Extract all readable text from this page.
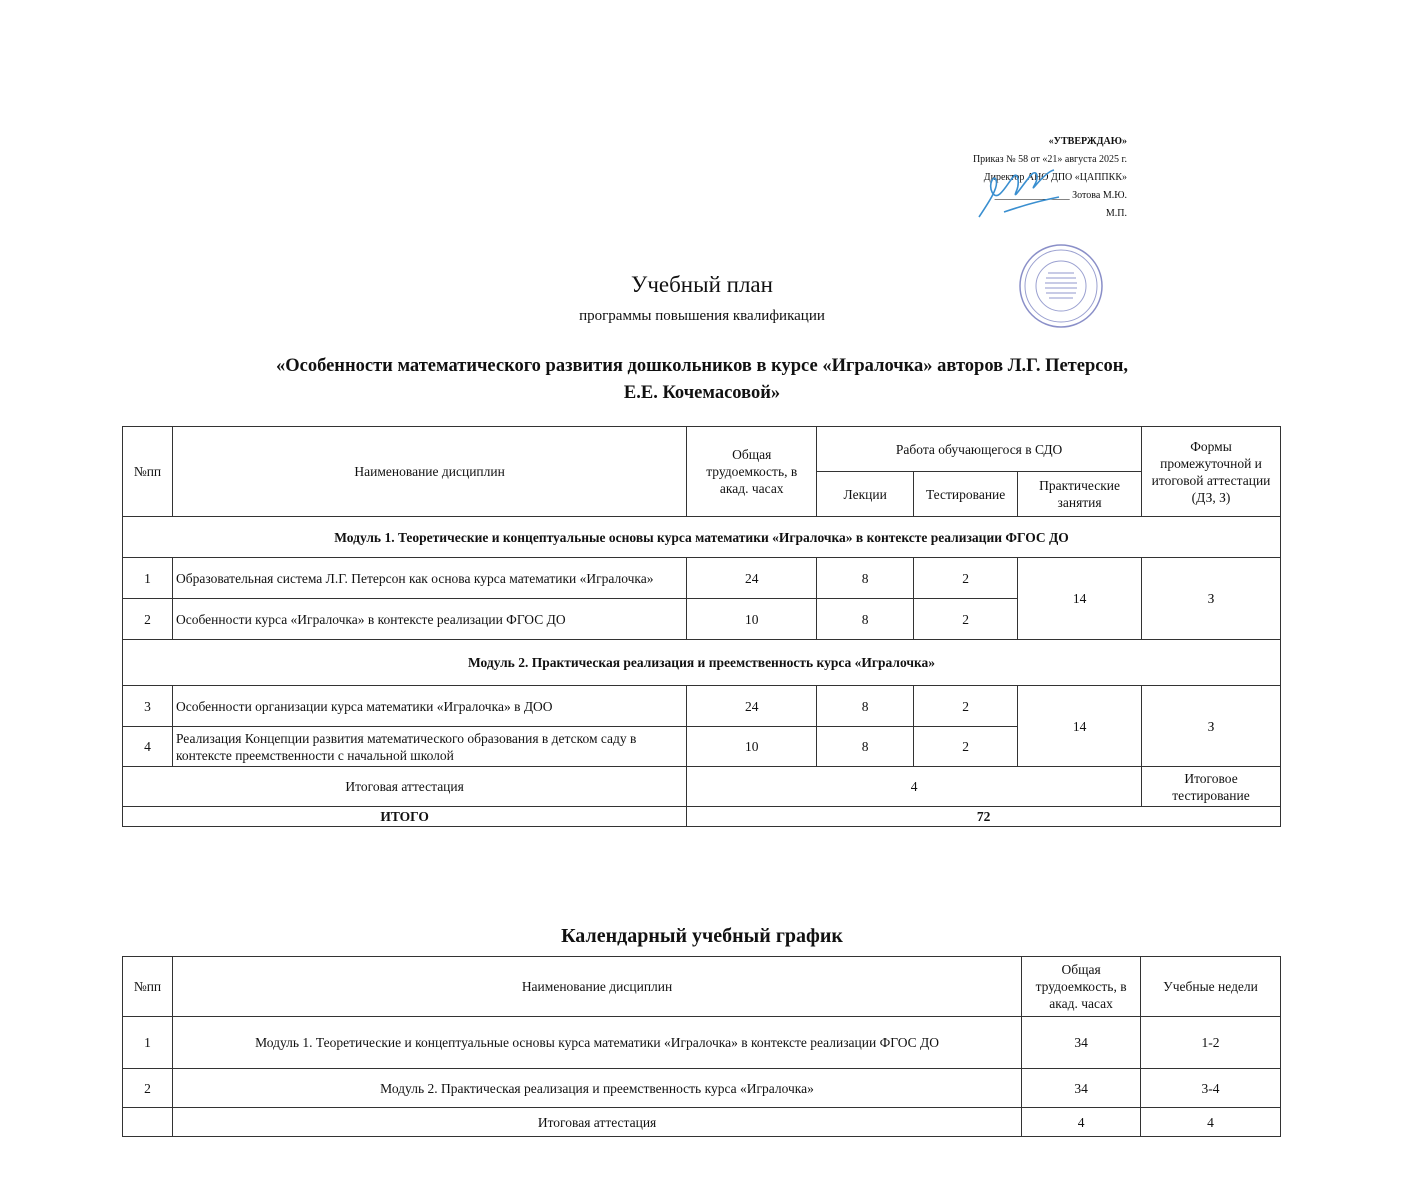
«УТВЕРЖДАЮ»
Приказ № 58 от «21» августа 2025 г.
Директор АНО ДПО «ЦАППКК»
_______________ Зотова М.Ю.
М.П.
Учебный план
программы повышения квалификации
«Особенности математического развития дошкольников в курсе «Игралочка» авторов Л.Г. Петерсон,
Е.Е. Кочемасовой»
№пп	Наименование дисциплин	Общая трудоемкость, в акад. часах	Работа обучающегося в СДО			Формы промежуточной и итоговой аттестации (ДЗ, З)
			Лекции	Тестирование	Практические занятия	
Модуль 1. Теоретические и концептуальные основы курса математики «Игралочка» в контексте реализации ФГОС ДО						
1	Образовательная система Л.Г. Петерсон как основа курса математики «Игралочка»	24	8	2	14	З
2	Особенности курса «Игралочка» в контексте реализации ФГОС ДО	10	8	2		
Модуль 2. Практическая реализация и преемственность курса «Игралочка»						
3	Особенности организации курса математики «Игралочка» в ДОО	24	8	2	14	З
4	Реализация Концепции развития математического образования в детском саду в контексте преемственности с начальной школой	10	8	2		
Итоговая аттестация		4				Итоговое тестирование
ИТОГО		72				
Календарный учебный график
№пп	Наименование дисциплин	Общая трудоемкость, в акад. часах	Учебные недели
1	Модуль 1. Теоретические и концептуальные основы курса математики «Игралочка» в контексте реализации ФГОС ДО	34	1-2
2	Модуль 2. Практическая реализация и преемственность курса «Игралочка»	34	3-4
	Итоговая аттестация	4	4
